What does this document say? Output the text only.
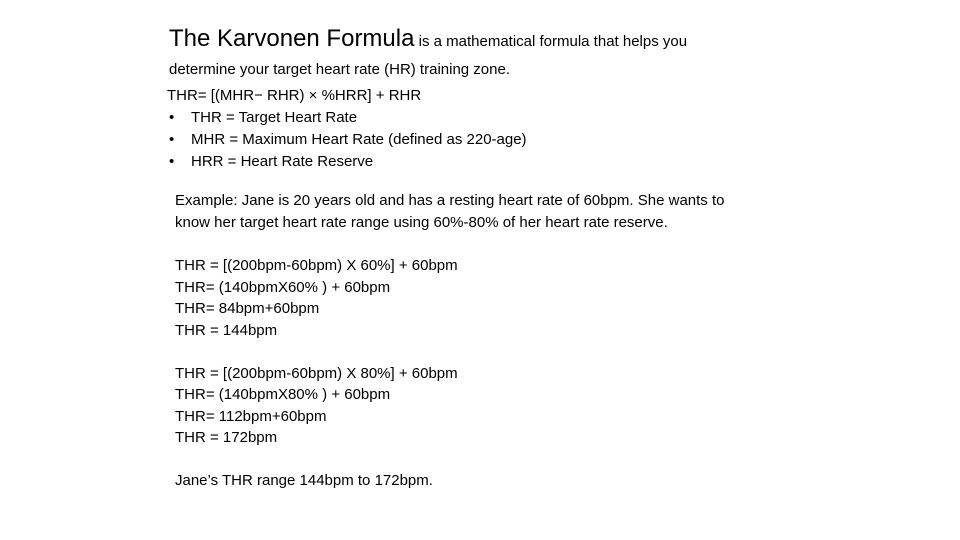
The Karvonen Formula is a mathematical formula that helps you
determine your target heart rate (HR) training zone.
THR= [(MHR− RHR) × %HRR] + RHR
• THR = Target Heart Rate
• MHR = Maximum Heart Rate (defined as 220-age)
• HRR = Heart Rate Reserve
Example: Jane is 20 years old and has a resting heart rate of 60bpm. She wants to
know her target heart rate range using 60%-80% of her heart rate reserve.
THR = [(200bpm-60bpm) X 60%] + 60bpm
THR= (140bpmX60% ) + 60bpm
THR= 84bpm+60bpm
THR = 144bpm
THR = [(200bpm-60bpm) X 80%] + 60bpm
THR= (140bpmX80% ) + 60bpm
THR= 112bpm+60bpm
THR = 172bpm
Jane’s THR range 144bpm to 172bpm.
